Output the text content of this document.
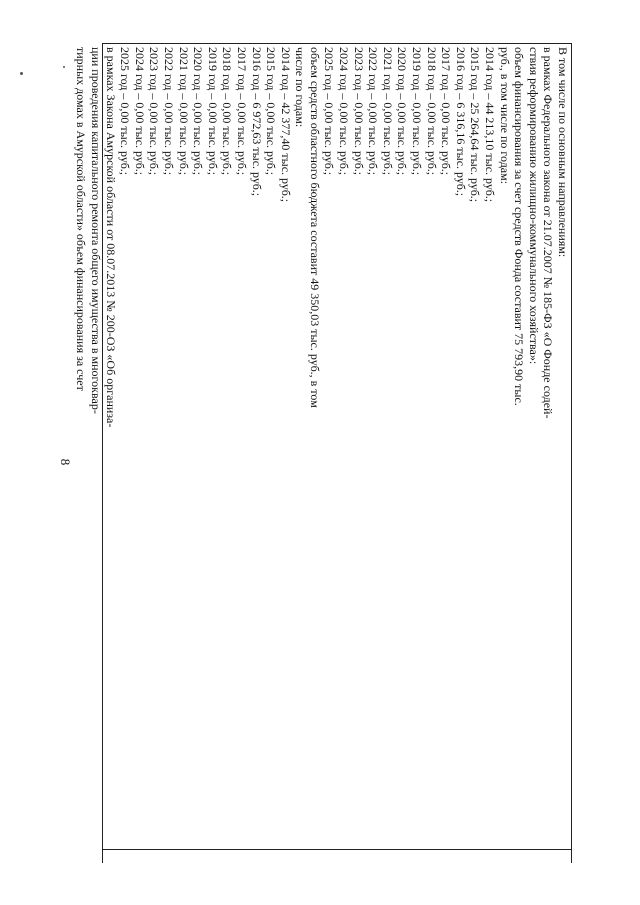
8
В том числе по основным направлениям:
в рамках Федерального закона от 21.07.2007 № 185-ФЗ «О Фонде содей-
ствия реформированию жилищно-коммунального хозяйства»:
объем финансирования за счет средств Фонда составит 75 793,90 тыс.
руб., в том числе по годам:
2014 год – 44 213,10 тыс. руб.;
2015 год – 25 264,64 тыс. руб.;
2016 год – 6 316,16 тыс. руб.;
2017 год – 0,00 тыс. руб.;
2018 год – 0,00 тыс. руб.;
2019 год – 0,00 тыс. руб.;
2020 год – 0,00 тыс. руб.;
2021 год – 0,00 тыс. руб.;
2022 год – 0,00 тыс. руб.;
2023 год – 0,00 тыс. руб.;
2024 год – 0,00 тыс. руб.;
2025 год – 0,00 тыс. руб.;
объем средств областного бюджета составит 49 350,03 тыс. руб., в том
числе по годам:
2014 год – 42 377,40 тыс. руб.;
2015 год – 0,00 тыс. руб.;
2016 год – 6 972,63 тыс. руб.;
2017 год – 0,00 тыс. руб.;
2018 год – 0,00 тыс. руб.;
2019 год – 0,00 тыс. руб.;
2020 год – 0,00 тыс. руб.;
2021 год – 0,00 тыс. руб.;
2022 год – 0,00 тыс. руб.;
2023 год – 0,00 тыс. руб.;
2024 год – 0,00 тыс. руб.;
2025 год – 0,00 тыс. руб.;
в рамках Закона Амурской области от 08.07.2013 № 200-ОЗ «Об организа-
ции проведения капитального ремонта общего имущества в многоквар-
тирных домах в Амурской области» объем финансирования за счет
